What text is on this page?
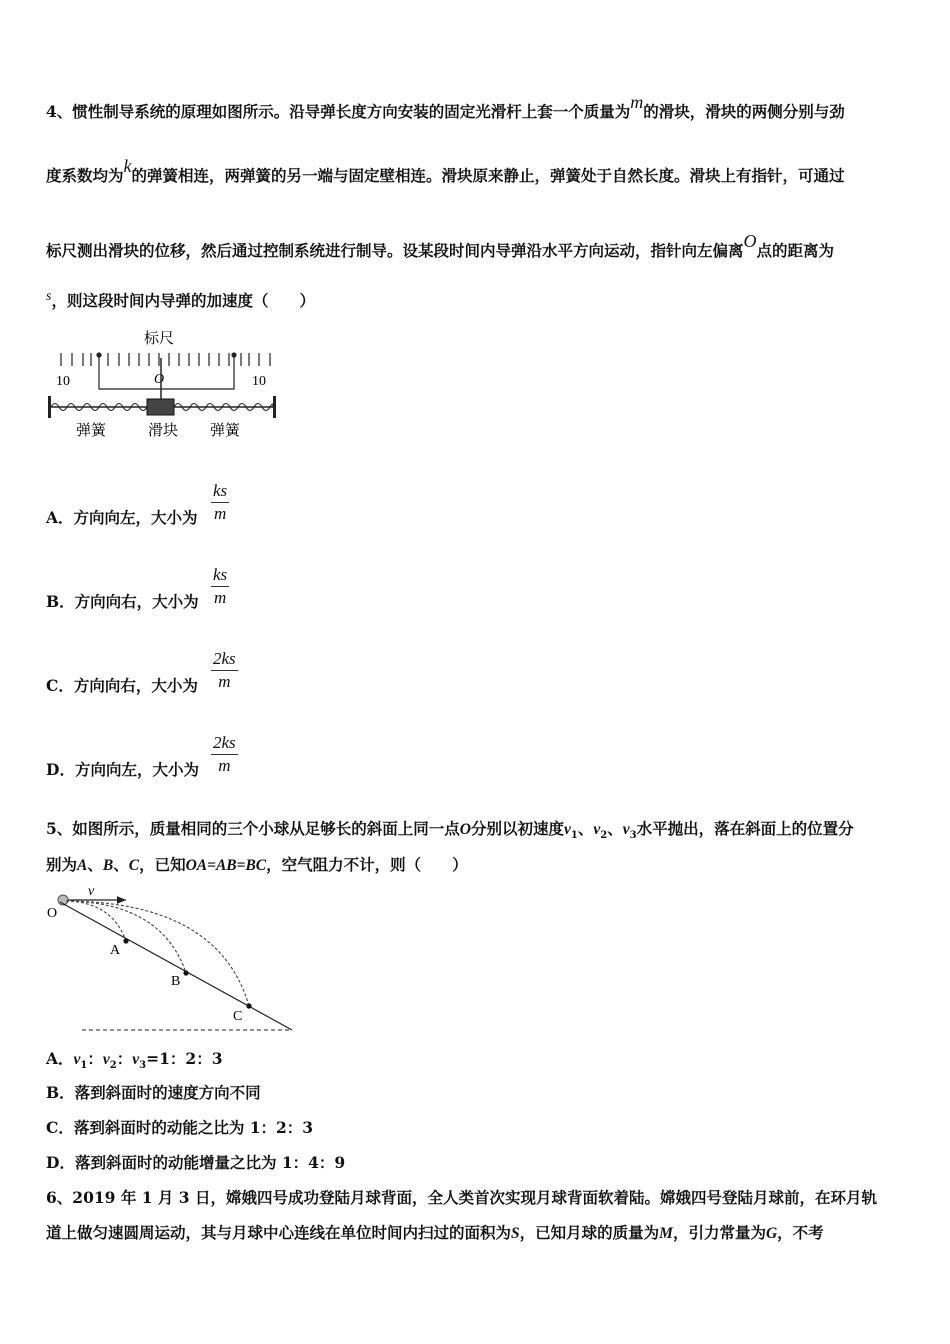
4、惯性制导系统的原理如图所示。沿导弹长度方向安装的固定光滑杆上套一个质量为m的滑块，滑块的两侧分别与劲
度系数均为k的弹簧相连，两弹簧的另一端与固定壁相连。滑块原来静止，弹簧处于自然长度。滑块上有指针，可通过
标尺测出滑块的位移，然后通过控制系统进行制导。设某段时间内导弹沿水平方向运动，指针向左偏离O点的距离为
s，则这段时间内导弹的加速度（　　）
标尺
10	O	10
弹簧	滑块 弹簧
A．方向向左，大小为
ks
m
B．方向向右，大小为
ks
m
C．方向向右，大小为
2ks
m
D．方向向左，大小为
2ks
m
5、如图所示，质量相同的三个小球从足够长的斜面上同一点O分别以初速度$v_1$、$v_2$、$v_3$水平抛出，落在斜面上的位置分
别为A、B、C，已知OA=AB=BC，空气阻力不计，则（　　）
v
O
A
B
C
A．$v_1$：$v_2$：$v_3=1$：2：3
B．落到斜面时的速度方向不同
C．落到斜面时的动能之比为 1：2：3
D．落到斜面时的动能增量之比为 1：4：9
6、2019 年 1 月 3 日，嫦娥四号成功登陆月球背面，全人类首次实现月球背面软着陆。嫦娥四号登陆月球前，在环月轨
道上做匀速圆周运动，其与月球中心连线在单位时间内扫过的面积为S，已知月球的质量为M，引力常量为G，不考
